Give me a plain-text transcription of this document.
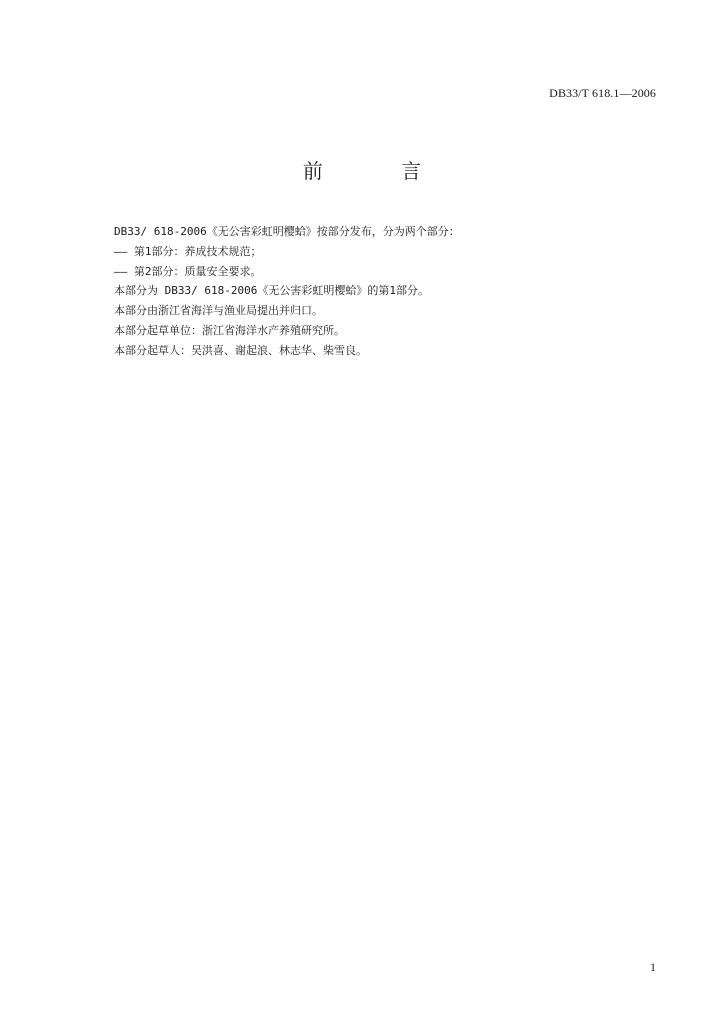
DB33/T 618.1—2006
前 言
DB33/ 618-2006《无公害彩虹明樱蛤》按部分发布，分为两个部分：
—— 第1部分：养成技术规范；
—— 第2部分：质量安全要求。
本部分为 DB33/ 618-2006《无公害彩虹明樱蛤》的第1部分。
本部分由浙江省海洋与渔业局提出并归口。
本部分起草单位：浙江省海洋水产养殖研究所。
本部分起草人：吴洪喜、谢起浪、林志华、柴雪良。
1
